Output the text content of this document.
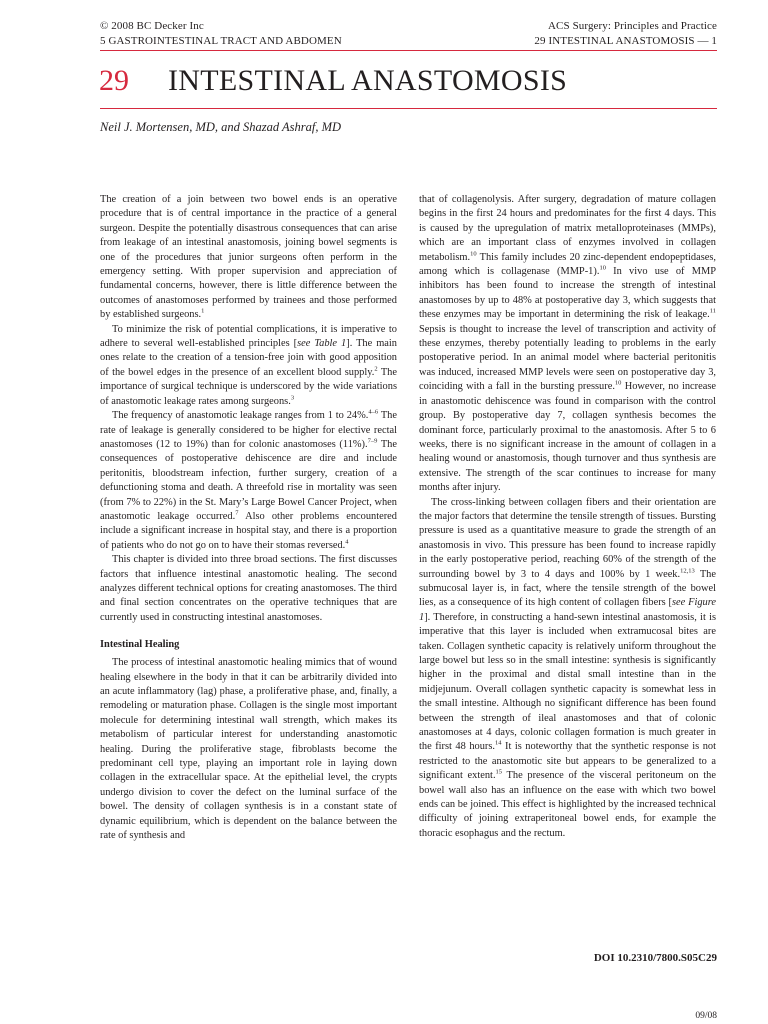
© 2008 BC Decker Inc
5 GASTROINTESTINAL TRACT AND ABDOMEN
ACS Surgery: Principles and Practice
29 INTESTINAL ANASTOMOSIS — 1
29 INTESTINAL ANASTOMOSIS
Neil J. Mortensen, MD, and Shazad Ashraf, MD

The creation of a join between two bowel ends is an operative procedure that is of central importance in the practice of a general surgeon. Despite the potentially disastrous consequences that can arise from leakage of an intestinal anastomosis, joining bowel segments is one of the procedures that junior surgeons often perform in the emergency setting. With proper supervision and appreciation of fundamental concerns, however, there is little difference between the outcomes of anastomoses performed by trainees and those performed by established surgeons.$^1$

To minimize the risk of potential complications, it is imperative to adhere to several well-established principles [see Table 1]. The main ones relate to the creation of a tension-free join with good apposition of the bowel edges in the presence of an excellent blood supply.$^2$ The importance of surgical technique is underscored by the wide variations of anastomotic leakage rates among surgeons.$^3$

The frequency of anastomotic leakage ranges from 1 to 24%.$^{4-6}$ The rate of leakage is generally considered to be higher for elective rectal anastomoses (12 to 19%) than for colonic anastomoses (11%).$^{7-9}$ The consequences of postoperative dehiscence are dire and include peritonitis, bloodstream infection, further surgery, creation of a defunctioning stoma and death. A threefold rise in mortality was seen (from 7% to 22%) in the St. Mary’s Large Bowel Cancer Project, when anastomotic leakage occurred.$^7$ Also other problems encountered include a significant increase in hospital stay, and there is a proportion of patients who do not go on to have their stomas reversed.$^4$

This chapter is divided into three broad sections. The first discusses factors that influence intestinal anastomotic healing. The second analyzes different technical options for creating anastomoses. The third and final section concentrates on the operative techniques that are currently used in constructing intestinal anastomoses.

Intestinal Healing

The process of intestinal anastomotic healing mimics that of wound healing elsewhere in the body in that it can be arbitrarily divided into an acute inflammatory (lag) phase, a proliferative phase, and, finally, a remodeling or maturation phase. Collagen is the single most important molecule for determining intestinal wall strength, which makes its metabolism of particular interest for understanding anastomotic healing. During the proliferative stage, fibroblasts become the predominant cell type, playing an important role in laying down collagen in the extracellular space. At the epithelial level, the crypts undergo division to cover the defect on the luminal surface of the bowel. The density of collagen synthesis is in a constant state of dynamic equilibrium, which is dependent on the balance between the rate of synthesis and

that of collagenolysis. After surgery, degradation of mature collagen begins in the first 24 hours and predominates for the first 4 days. This is caused by the upregulation of matrix metalloproteinases (MMPs), which are an important class of enzymes involved in collagen metabolism.$^{10}$ This family includes 20 zinc-dependent endopeptidases, among which is collagenase (MMP-1).$^{10}$ In vivo use of MMP inhibitors has been found to increase the strength of intestinal anastomoses by up to 48% at postoperative day 3, which suggests that these enzymes may be important in determining the risk of leakage.$^{11}$ Sepsis is thought to increase the level of transcription and activity of these enzymes, thereby potentially leading to problems in the early postoperative period. In an animal model where bacterial peritonitis was induced, increased MMP levels were seen on postoperative day 3, coinciding with a fall in the bursting pressure.$^{10}$ However, no increase in anastomotic dehiscence was found in comparison with the control group. By postoperative day 7, collagen synthesis becomes the dominant force, particularly proximal to the anastomosis. After 5 to 6 weeks, there is no significant increase in the amount of collagen in a healing wound or anastomosis, though turnover and thus synthesis are extensive. The strength of the scar continues to increase for many months after injury.

The cross-linking between collagen fibers and their orientation are the major factors that determine the tensile strength of tissues. Bursting pressure is used as a quantitative measure to grade the strength of an anastomosis in vivo. This pressure has been found to increase rapidly in the early postoperative period, reaching 60% of the strength of the surrounding bowel by 3 to 4 days and 100% by 1 week.$^{12,13}$ The submucosal layer is, in fact, where the tensile strength of the bowel lies, as a consequence of its high content of collagen fibers [see Figure 1]. Therefore, in constructing a hand-sewn intestinal anastomosis, it is imperative that this layer is included when extramucosal bites are taken. Collagen synthetic capacity is relatively uniform throughout the large bowel but less so in the small intestine: synthesis is significantly higher in the proximal and distal small intestine than in the midjejunum. Overall collagen synthetic capacity is somewhat less in the small intestine. Although no significant difference has been found between the strength of ileal anastomoses and that of colonic anastomoses at 4 days, colonic collagen formation is much greater in the first 48 hours.$^{14}$ It is noteworthy that the synthetic response is not restricted to the anastomotic site but appears to be generalized to a significant extent.$^{15}$ The presence of the visceral peritoneum on the bowel wall also has an influence on the ease with which two bowel ends can be joined. This effect is highlighted by the increased technical difficulty of joining extraperitoneal bowel ends, for example the thoracic esophagus and the rectum.

DOI 10.2310/7800.S05C29
09/08
